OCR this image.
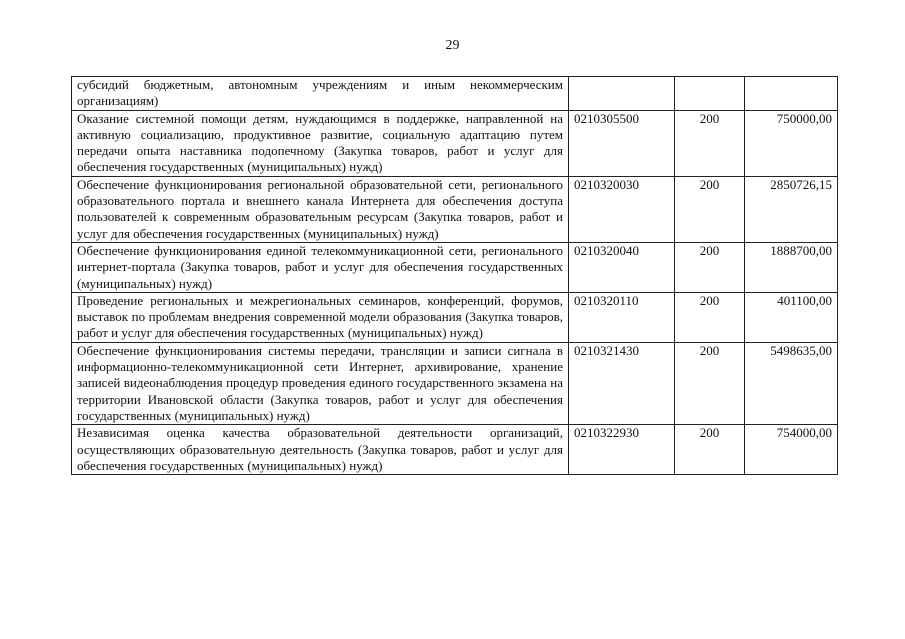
29
субсидий бюджетным, автономным учреждениям и иным некоммерческим организациям)			
Оказание системной помощи детям, нуждающимся в поддержке, направленной на активную социализацию, продуктивное развитие, социальную адаптацию путем передачи опыта наставника подопечному (Закупка товаров, работ и услуг для обеспечения государственных (муниципальных) нужд)	0210305500	200	750000,00
Обеспечение функционирования региональной образовательной сети, регионального образовательного портала и внешнего канала Интернета для обеспечения доступа пользователей к современным образовательным ресурсам (Закупка товаров, работ и услуг для обеспечения государственных (муниципальных) нужд)	0210320030	200	2850726,15
Обеспечение функционирования единой телекоммуникационной сети, регионального интернет-портала (Закупка товаров, работ и услуг для обеспечения государственных (муниципальных) нужд)	0210320040	200	1888700,00
Проведение региональных и межрегиональных семинаров, конференций, форумов, выставок по проблемам внедрения современной модели образования (Закупка товаров, работ и услуг для обеспечения государственных (муниципальных) нужд)	0210320110	200	401100,00
Обеспечение функционирования системы передачи, трансляции и записи сигнала в информационно-телекоммуникационной сети Интернет, архивирование, хранение записей видеонаблюдения процедур проведения единого государственного экзамена на территории Ивановской области (Закупка товаров, работ и услуг для обеспечения государственных (муниципальных) нужд)	0210321430	200	5498635,00
Независимая оценка качества образовательной деятельности организаций, осуществляющих образовательную деятельность (Закупка товаров, работ и услуг для обеспечения государственных (муниципальных) нужд)	0210322930	200	754000,00
